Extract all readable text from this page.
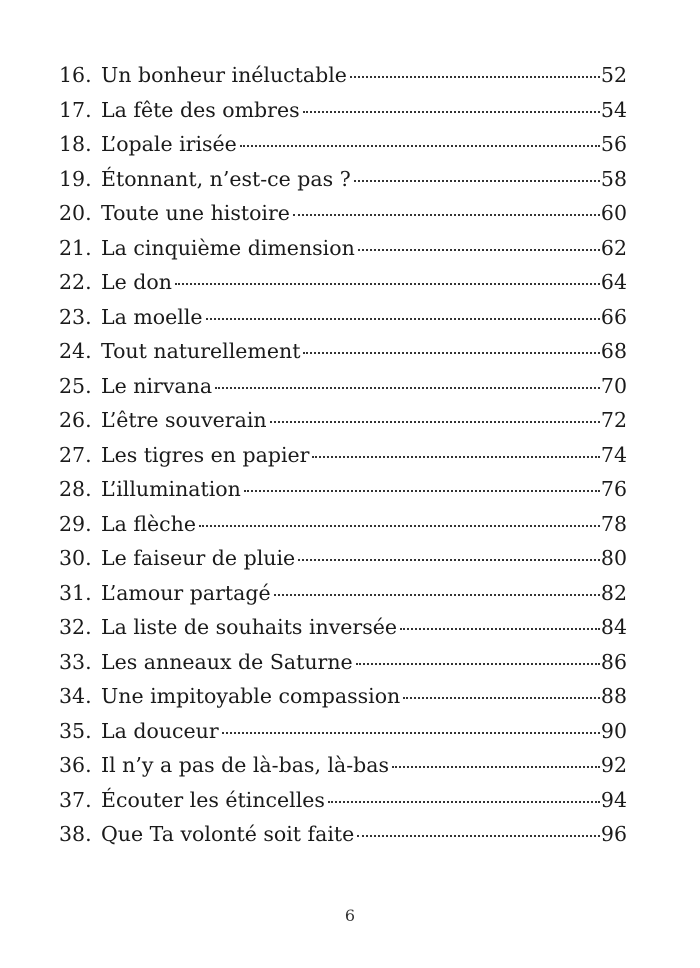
16. Un bonheur inéluctable	52
17. La fête des ombres	54
18. L’opale irisée	56
19. Étonnant, n’est-ce pas ?	58
20. Toute une histoire	60
21. La cinquième dimension	62
22. Le don	64
23. La moelle	66
24. Tout naturellement	68
25. Le nirvana	70
26. L’être souverain	72
27. Les tigres en papier	74
28. L’illumination	76
29. La flèche	78
30. Le faiseur de pluie	80
31. L’amour partagé	82
32. La liste de souhaits inversée	84
33. Les anneaux de Saturne	86
34. Une impitoyable compassion	88
35. La douceur	90
36. Il n’y a pas de là-bas, là-bas	92
37. Écouter les étincelles	94
38. Que Ta volonté soit faite	96
6
